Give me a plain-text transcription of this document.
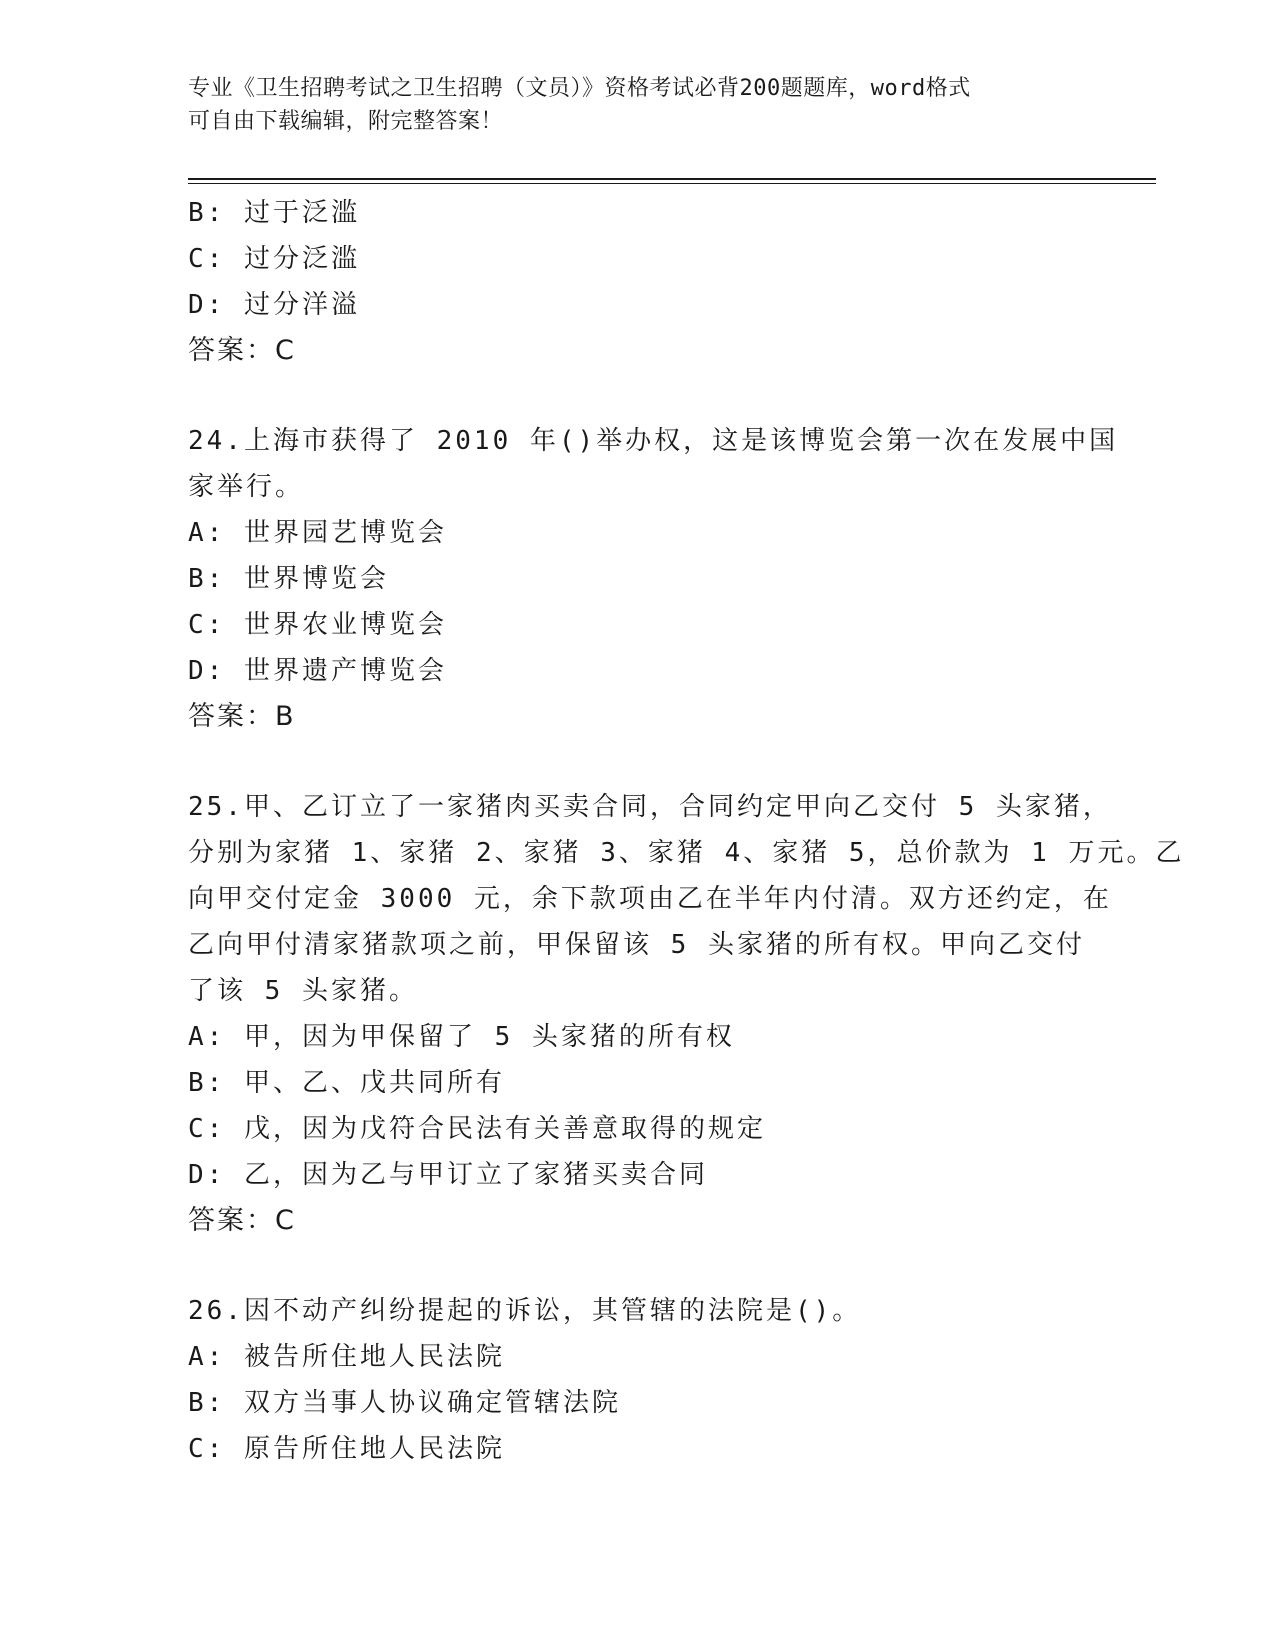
专业《卫生招聘考试之卫生招聘（文员）》资格考试必背200题题库，word格式
可自由下载编辑，附完整答案！
B: 过于泛滥
C: 过分泛滥
D: 过分洋溢
答案：C
24.上海市获得了 2010 年()举办权，这是该博览会第一次在发展中国
家举行。
A: 世界园艺博览会
B: 世界博览会
C: 世界农业博览会
D: 世界遗产博览会
答案：B
25.甲、乙订立了一家猪肉买卖合同，合同约定甲向乙交付 5 头家猪，
分别为家猪 1、家猪 2、家猪 3、家猪 4、家猪 5，总价款为 1 万元。乙
向甲交付定金 3000 元，余下款项由乙在半年内付清。双方还约定，在
乙向甲付清家猪款项之前，甲保留该 5 头家猪的所有权。甲向乙交付
了该 5 头家猪。
A: 甲，因为甲保留了 5 头家猪的所有权
B: 甲、乙、戊共同所有
C: 戊，因为戊符合民法有关善意取得的规定
D: 乙，因为乙与甲订立了家猪买卖合同
答案：C
26.因不动产纠纷提起的诉讼，其管辖的法院是()。
A: 被告所住地人民法院
B: 双方当事人协议确定管辖法院
C: 原告所住地人民法院
